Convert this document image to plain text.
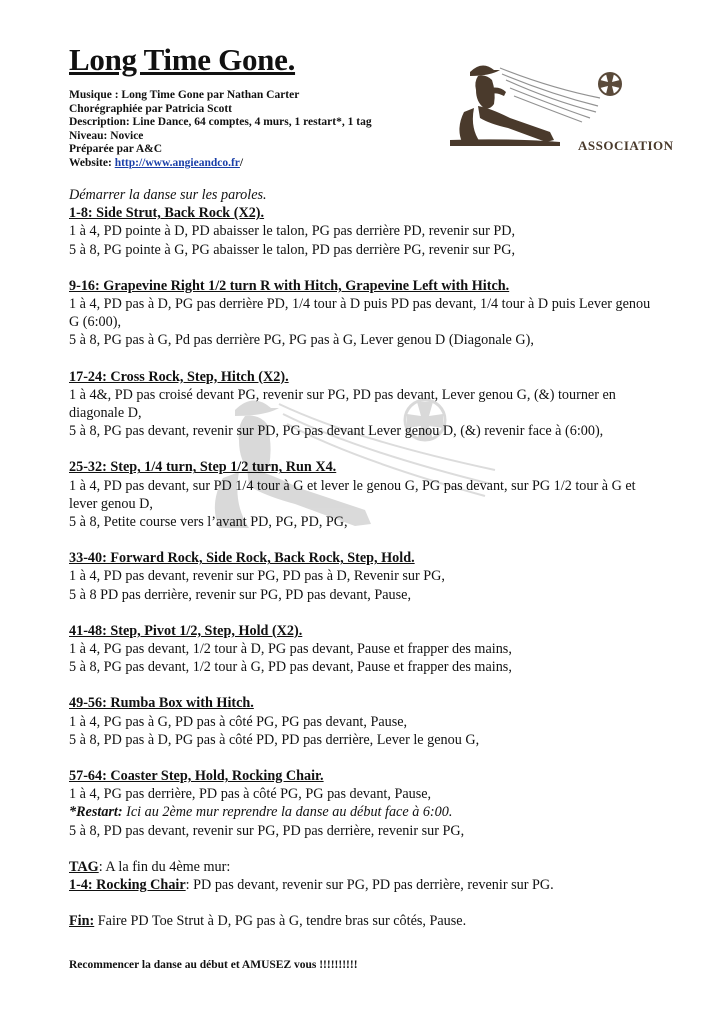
Long Time Gone.
Musique : Long Time Gone par Nathan Carter
Chorégraphiée par Patricia Scott
Description: Line Dance, 64 comptes, 4 murs, 1 restart*, 1 tag
Niveau: Novice
Préparée par A&C
Website: http://www.angieandco.fr/
ASSOCIATION
Démarrer la danse sur les paroles.
1-8: Side Strut, Back Rock (X2).
1 à 4, PD pointe à D, PD abaisser le talon, PG pas derrière PD, revenir sur PD,
5 à 8, PG pointe à G, PG abaisser le talon, PD pas derrière PG, revenir sur PG,
9-16: Grapevine Right 1/2 turn R with Hitch, Grapevine Left with Hitch.
1 à 4, PD pas à D, PG pas derrière PD, 1/4 tour à D puis PD pas devant, 1/4 tour à D puis Lever genou G (6:00),
5 à 8, PG pas à G, Pd pas derrière PG, PG pas à G, Lever genou D (Diagonale G),
17-24: Cross Rock, Step, Hitch (X2).
1 à 4&, PD pas croisé devant PG, revenir sur PG, PD pas devant, Lever genou G, (&) tourner en diagonale D,
5 à 8, PG pas devant, revenir sur PD, PG pas devant Lever genou D, (&) revenir face à (6:00),
25-32: Step, 1/4 turn, Step 1/2 turn, Run X4.
1 à 4, PD pas devant, sur PD 1/4 tour à G et lever le genou G, PG pas devant, sur PG 1/2 tour à G et lever genou D,
5 à 8, Petite course vers l’avant PD, PG, PD, PG,
33-40: Forward Rock, Side Rock, Back Rock, Step, Hold.
1 à 4, PD pas devant, revenir sur PG, PD pas à D, Revenir sur PG,
5 à 8 PD pas derrière, revenir sur PG, PD pas devant, Pause,
41-48: Step, Pivot 1/2, Step, Hold (X2).
1 à 4, PG pas devant, 1/2 tour à D, PG pas devant, Pause et frapper des mains,
5 à 8, PG pas devant, 1/2 tour à G, PD pas devant, Pause et frapper des mains,
49-56: Rumba Box with Hitch.
1 à 4, PG pas à G, PD pas à côté PG, PG pas devant, Pause,
5 à 8, PD pas à D, PG pas à côté PD, PD pas derrière, Lever le genou G,
57-64: Coaster Step, Hold, Rocking Chair.
1 à 4, PG pas derrière, PD pas à côté PG, PG pas devant, Pause,
*Restart: Ici au 2ème mur reprendre la danse au début face à 6:00.
5 à 8, PD pas devant, revenir sur PG, PD pas derrière, revenir sur PG,
TAG: A la fin du 4ème mur:
1-4: Rocking Chair: PD pas devant, revenir sur PG, PD pas derrière, revenir sur PG.
Fin: Faire PD Toe Strut à D, PG pas à G, tendre bras sur côtés, Pause.
Recommencer la danse au début et AMUSEZ vous !!!!!!!!!!
